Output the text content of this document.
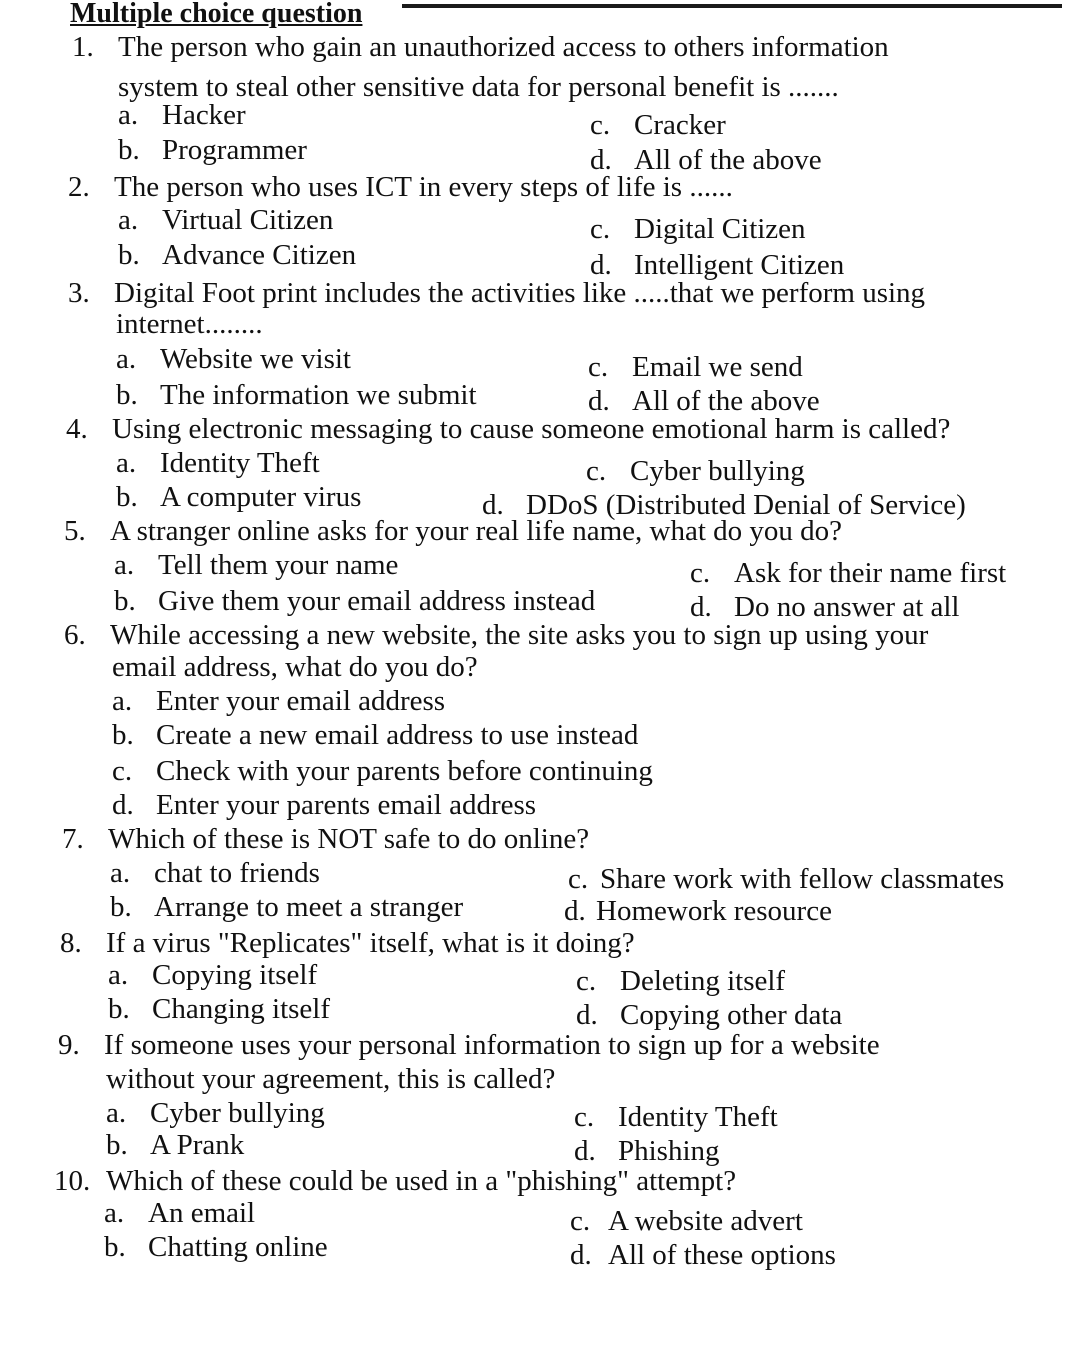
Multiple choice question
1. The person who gain an unauthorized access to others information
system to steal other sensitive data for personal benefit is .......
a. Hacker
b. Programmer
c. Cracker
d. All of the above
2. The person who uses ICT in every steps of life is ......
a. Virtual Citizen
b. Advance Citizen
c. Digital Citizen
d. Intelligent Citizen
3. Digital Foot print includes the activities like .....that we perform using
internet........
a. Website we visit
b. The information we submit
c. Email we send
d. All of the above
4. Using electronic messaging to cause someone emotional harm is called?
a. Identity Theft
b. A computer virus
c. Cyber bullying
d. DDoS (Distributed Denial of Service)
5. A stranger online asks for your real life name, what do you do?
a. Tell them your name
b. Give them your email address instead
c. Ask for their name first
d. Do no answer at all
6. While accessing a new website, the site asks you to sign up using your
email address, what do you do?
a. Enter your email address
b. Create a new email address to use instead
c. Check with your parents before continuing
d. Enter your parents email address
7. Which of these is NOT safe to do online?
a. chat to friends
b. Arrange to meet a stranger
c. Share work with fellow classmates
d. Homework resource
8. If a virus "Replicates" itself, what is it doing?
a. Copying itself
b. Changing itself
c. Deleting itself
d. Copying other data
9. If someone uses your personal information to sign up for a website
without your agreement, this is called?
a. Cyber bullying
b. A Prank
c. Identity Theft
d. Phishing
10. Which of these could be used in a "phishing" attempt?
a. An email
b. Chatting online
c. A website advert
d. All of these options
